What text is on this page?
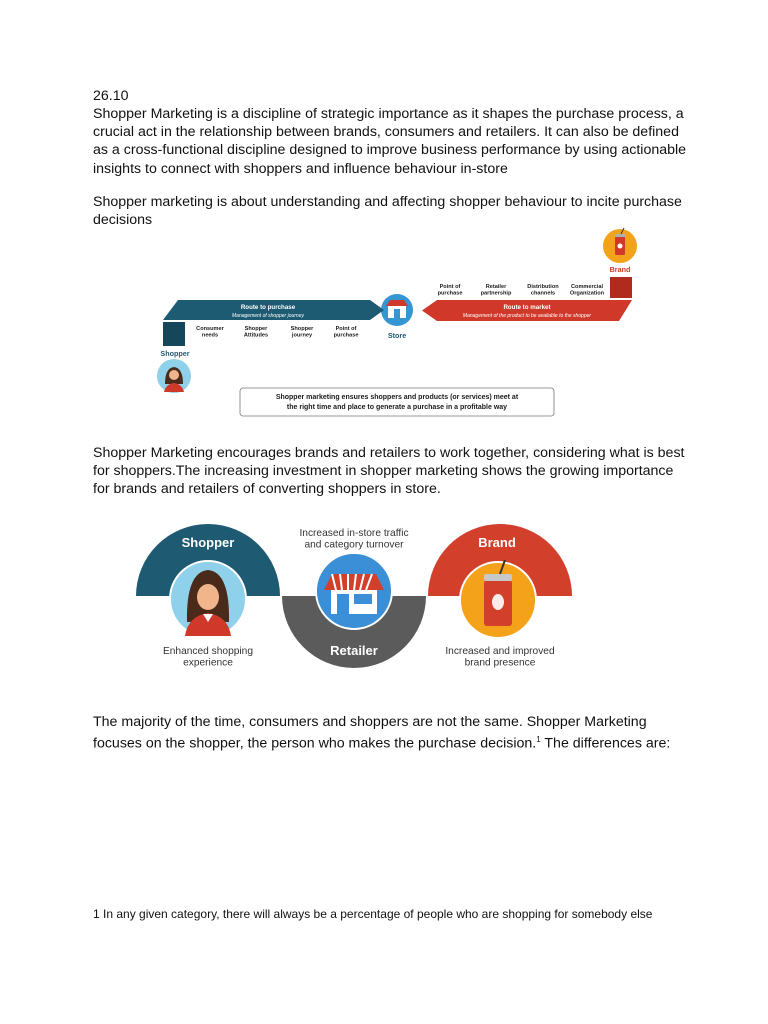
26.10

Shopper Marketing is a discipline of strategic importance as it shapes the purchase process, a crucial act in the relationship between brands, consumers and retailers. It can also be defined as a cross-functional discipline designed to improve business performance by using actionable insights to connect with shoppers and influence behaviour in-store

Shopper marketing is about understanding and affecting shopper behaviour to incite purchase decisions

Brand
Point of purchase
Retailer partnership
Distribution channels
Commercial Organization
Route to market
Management of the product to be available to the shopper
Store
Route to purchase
Management of shopper journey
Consumer needs
Shopper Attitudes
Shopper journey
Point of purchase
Shopper
Shopper marketing ensures shoppers and products (or services) meet at
the right time and place to generate a purchase in a profitable way

Shopper Marketing encourages brands and retailers to work together, considering what is best for shoppers.The increasing investment in shopper marketing shows the growing importance for brands and retailers of converting shoppers in store.

Shopper
Enhanced shopping experience
Increased in-store traffic and category turnover
Retailer
Brand
Increased and improved brand presence

The majority of the time, consumers and shoppers are not the same. Shopper Marketing focuses on the shopper, the person who makes the purchase decision.$^1$ The differences are:

1 In any given category, there will always be a percentage of people who are shopping for somebody else
